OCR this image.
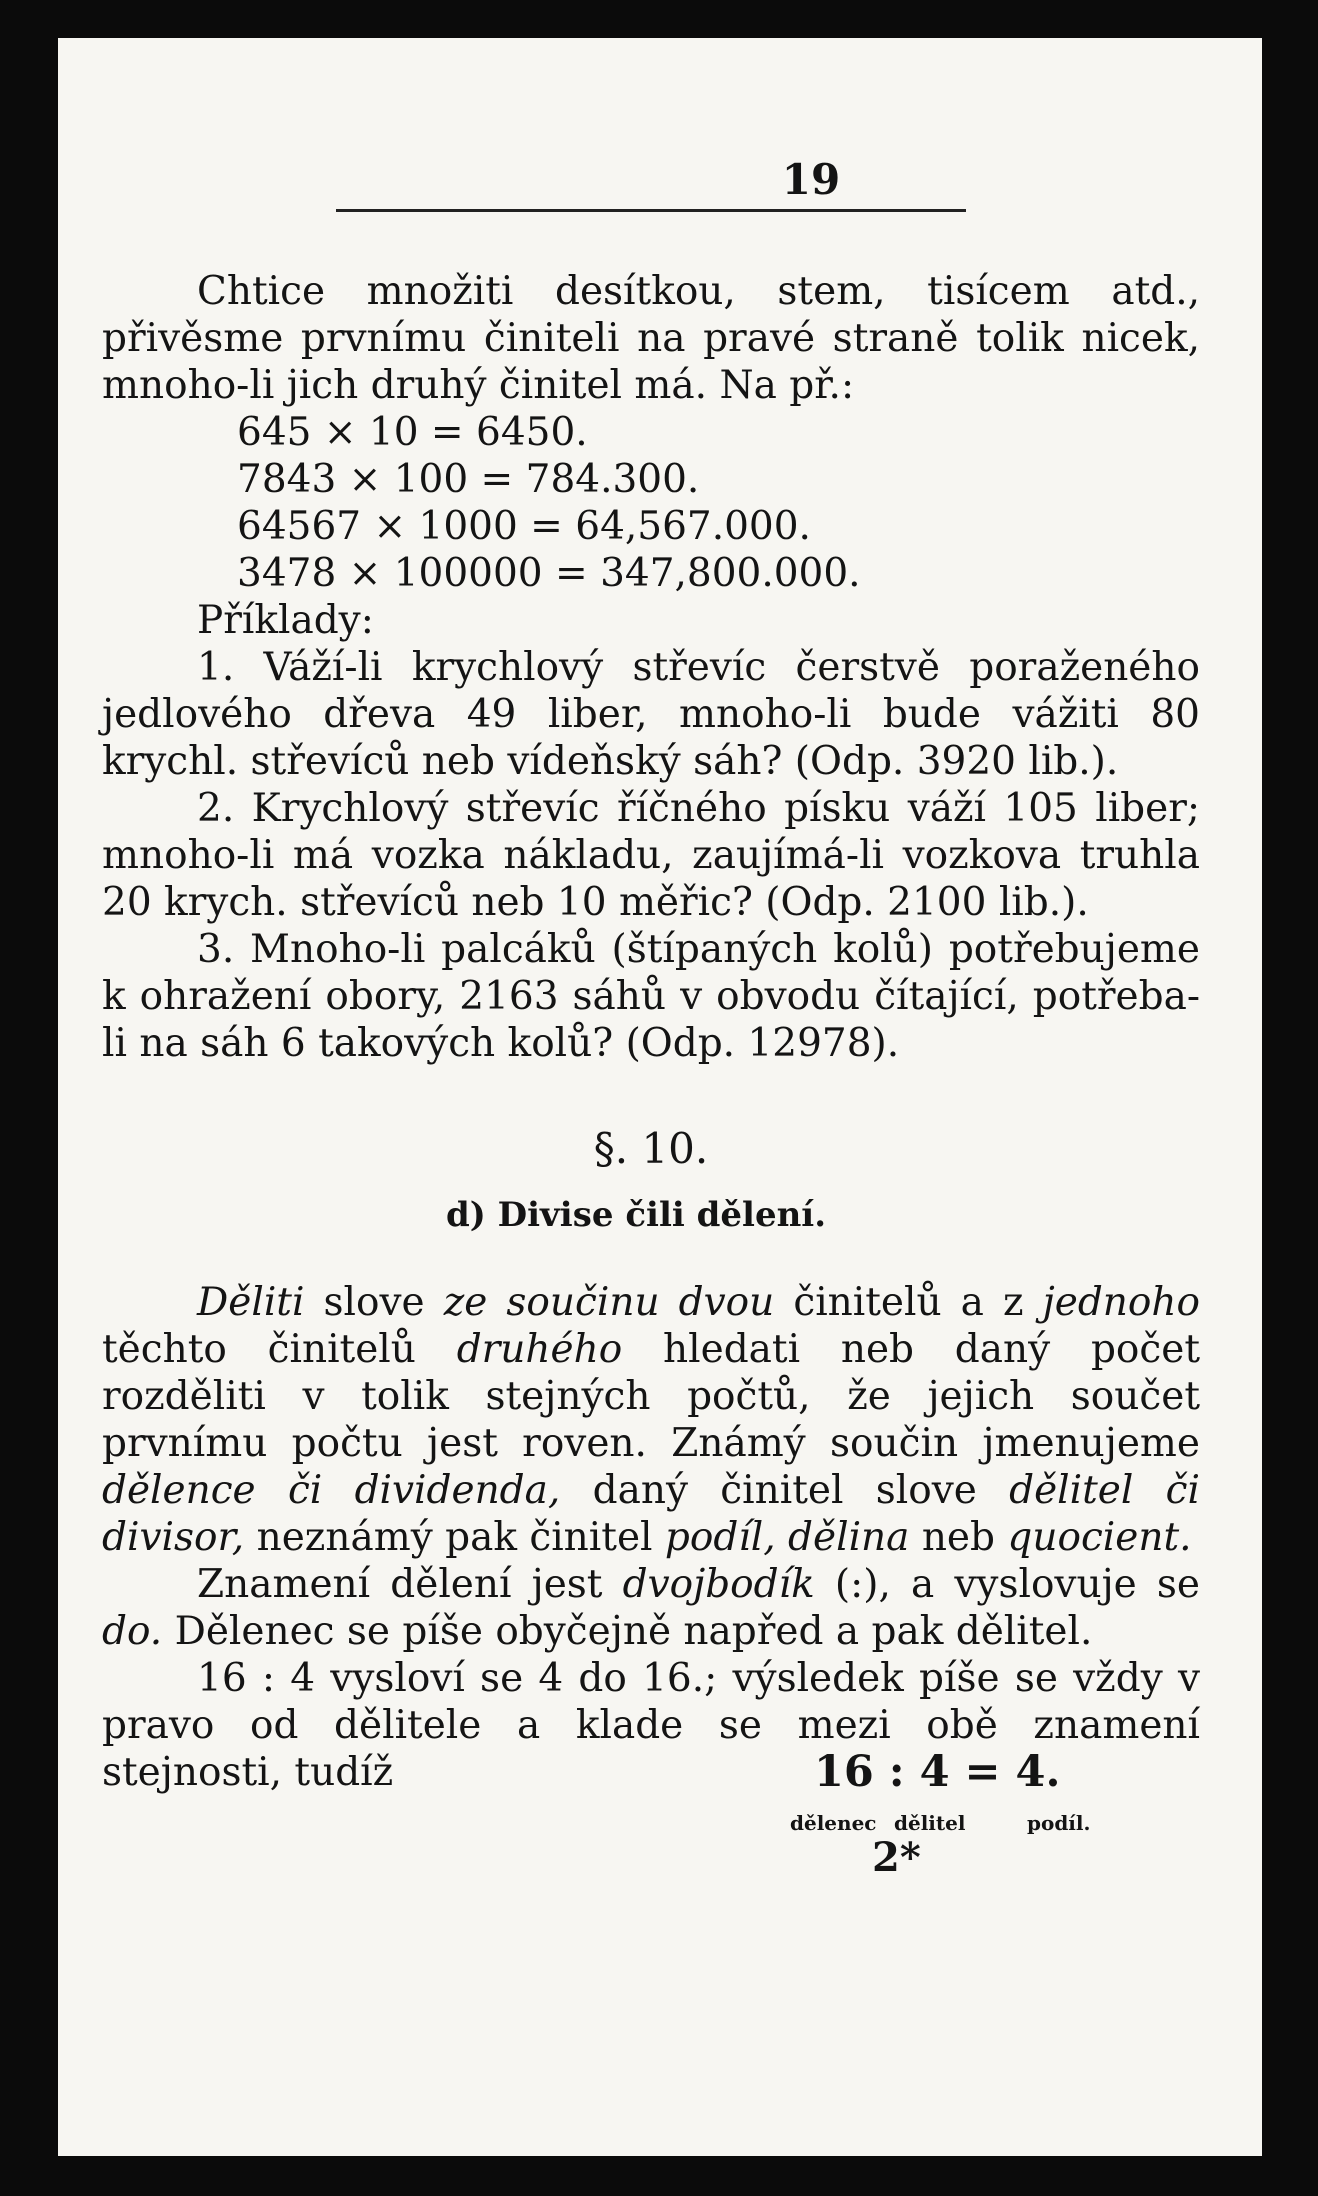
19

Chtice množiti desítkou, stem, tisícem atd., přivěsme prvnímu činiteli na pravé straně tolik nicek, mnoho-li jich druhý činitel má. Na př.:

645 × 10 = 6450.
7843 × 100 = 784.300.
64567 × 1000 = 64,567.000.
3478 × 100000 = 347,800.000.
Příklady:

1. Váží-li krychlový střevíc čerstvě poraženého jedlového dřeva 49 liber, mnoho-li bude vážiti 80 krychl. střevíců neb vídeňský sáh? (Odp. 3920 lib.).

2. Krychlový střevíc říčného písku váží 105 liber; mnoho-li má vozka nákladu, zaujímá-li vozkova truhla 20 krych. střevíců neb 10 měřic? (Odp. 2100 lib.).

3. Mnoho-li palcáků (štípaných kolů) potřebujeme k ohražení obory, 2163 sáhů v obvodu čítající, potřeba-li na sáh 6 takových kolů? (Odp. 12978).

§. 10.
d) Divise čili dělení.

Děliti slove ze součinu dvou činitelů a z jednoho těchto činitelů druhého hledati neb daný počet rozděliti v tolik stejných počtů, že jejich součet prvnímu počtu jest roven. Známý součin jmenujeme dělence či dividenda, daný činitel slove dělitel či divisor, neznámý pak činitel podíl, dělina neb quocient.

Znamení dělení jest dvojbodík (:), a vyslovuje se do. Dělenec se píše obyčejně napřed a pak dělitel.

16 : 4 vysloví se 4 do 16.; výsledek píše se vždy v pravo od dělitele a klade se mezi obě znamení stejnosti, tudíž	16 : 4 = 4.
dělenec dělitel	podíl.
2*
